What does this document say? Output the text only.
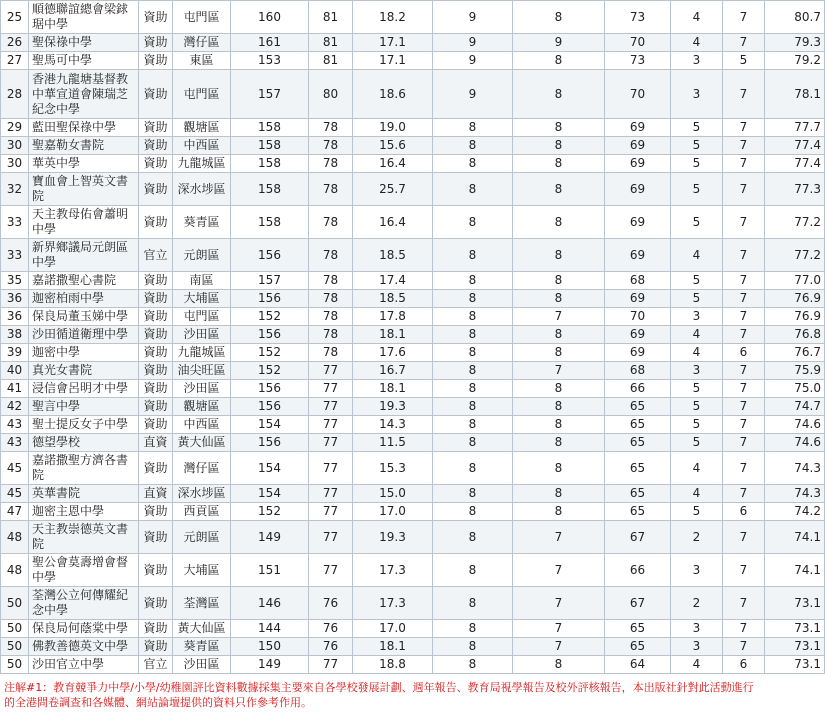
25	順德聯誼總會梁銶琚中學	資助	屯門區	160	81	18.2	9	8	73	4	7	80.7
26	聖保祿中學	資助	灣仔區	161	81	17.1	9	9	70	4	7	79.3
27	聖馬可中學	資助	東區	153	81	17.1	9	8	73	3	5	79.2
28	香港九龍塘基督教中華宣道會陳瑞芝紀念中學	資助	屯門區	157	80	18.6	9	8	70	3	7	78.1
29	藍田聖保祿中學	資助	觀塘區	158	78	19.0	8	8	69	5	7	77.7
30	聖嘉勒女書院	資助	中西區	158	78	15.6	8	8	69	5	7	77.4
30	華英中學	資助	九龍城區	158	78	16.4	8	8	69	5	7	77.4
32	寶血會上智英文書院	資助	深水埗區	158	78	25.7	8	8	69	5	7	77.3
33	天主教母佑會蕭明中學	資助	葵青區	158	78	16.4	8	8	69	5	7	77.2
33	新界鄉議局元朗區中學	官立	元朗區	156	78	18.5	8	8	69	4	7	77.2
35	嘉諾撒聖心書院	資助	南區	157	78	17.4	8	8	68	5	7	77.0
36	迦密柏雨中學	資助	大埔區	156	78	18.5	8	8	69	5	7	76.9
36	保良局董玉娣中學	資助	屯門區	152	78	17.8	8	7	70	3	7	76.9
38	沙田循道衛理中學	資助	沙田區	156	78	18.1	8	8	69	4	7	76.8
39	迦密中學	資助	九龍城區	152	78	17.6	8	8	69	4	6	76.7
40	真光女書院	資助	油尖旺區	152	77	16.7	8	7	68	3	7	75.9
41	浸信會呂明才中學	資助	沙田區	156	77	18.1	8	8	66	5	7	75.0
42	聖言中學	資助	觀塘區	156	77	19.3	8	8	65	5	7	74.7
43	聖士提反女子中學	資助	中西區	154	77	14.3	8	8	65	5	7	74.6
43	德望學校	直資	黃大仙區	156	77	11.5	8	8	65	5	7	74.6
45	嘉諾撒聖方濟各書院	資助	灣仔區	154	77	15.3	8	8	65	4	7	74.3
45	英華書院	直資	深水埗區	154	77	15.0	8	8	65	4	7	74.3
47	迦密主恩中學	資助	西貢區	152	77	17.0	8	8	65	5	6	74.2
48	天主教崇德英文書院	資助	元朗區	149	77	19.3	8	7	67	2	7	74.1
48	聖公會莫壽增會督中學	資助	大埔區	151	77	17.3	8	7	66	3	7	74.1
50	荃灣公立何傳耀紀念中學	資助	荃灣區	146	76	17.3	8	7	67	2	7	73.1
50	保良局何蔭棠中學	資助	黃大仙區	144	76	17.0	8	7	65	3	7	73.1
50	佛教善德英文中學	資助	葵青區	150	76	18.1	8	7	65	3	7	73.1
50	沙田官立中學	官立	沙田區	149	77	18.8	8	8	64	4	6	73.1
注解#1：教育競爭力中學/小學/幼稚園評比資料數據採集主要來自各學校發展計劃、週年報告、教育局視學報告及校外評核報告，本出版社針對此活動進行的全港問卷調查和各媒體、網站論壇提供的資料只作參考作用。
